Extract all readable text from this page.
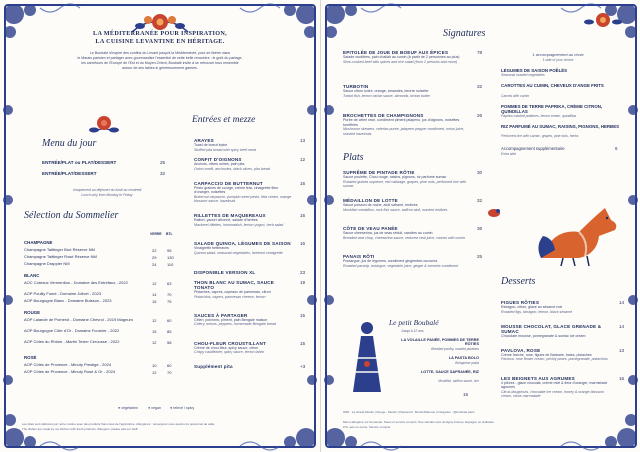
LA MÉDITERRANÉE POUR INSPIRATION,
LA CUISINE LEVANTINE EN HÉRITAGE.
Le Boubalé s'inspire des confins du Levant jusqu'à la Méditerranée, pour se libérer dans
le Marais parisien et partager avec gourmandise l'essentiel de cette belle rencontre : le goût du partage,
les carrefours de l'Europe de l'Est et du Moyen-Orient, Boubalé invite à se retrouver tous ensemble
autour de ses tables si généreusement garnies.
Menu du jour
ENTRÉE/PLAT ou PLAT/DESSERT	25
ENTRÉE/PLAT/DESSERT	32
Uniquement au déjeuner du lundi au vendredi
Lunch only from Monday to Friday
Sélection du Sommelier
VERRE BTL
CHAMPAGNE
Champagne Taittinger Brut Réserve NM	22	95
Champagne Taittinger Rosé Réserve NM	29	130
Champagne Drappier NM	24	110
BLANC
AOC Coteaux Vermentino - Domaine des Entrefaux - 2022	12	63
AOP Pouilly Fumé - Domaine Jolivet - 2023	14	70
AOP Bourgogne Blanc - Domaine Buisson - 2023	15	75
ROUGE
AOP Lalande de Pomerol - Domaine Chevrol - 2019 Magnum	12	60
AOP Bourgogne Côte d'Or - Domaine Fournier - 2022	15	85
AOP Côtes du Rhône - Martin Texier Cerousse - 2022	12	58
ROSÉ
AOP Côtes de Provence - Minuty Prestige - 2024	10	60
AOP Côtes de Provence - Minuty Rosé & Or - 2024	12	70
Entrées et mezze
ARAYES
Toast de boeuf épicé
Stuffed pita bread with spicy beef meat
13
CONFIT D'OIGNONS
Anchois, olives noires, pain pita
Onion confit, anchovies, black olives, pita bread
12
CARPACCIO DE BUTTERNUT
Pesto graines de courge, crème feta, vinaigrette fleur d'oranger, noisettes
Butternut carpaccio, pumpkin seed pesto, feta cream, orange blossom sauce, hazelnuts
16
RILLETTES DE MAQUEREAUX
Raifort, yaourt citronné, salade d'herbes
Mackerel rillettes, horseradish, lemon yogurt, herb salad
16
SALADE QUINOA, LÉGUMES DE SAISON
Vinaigrette betteraves
Quinoa salad, seasonal vegetables, beetroot vinaigrette
16
DISPONIBLE VERSION XL	23
THON BLANC AU SUMAC, SAUCE TONATO
Pistaches, capres, copeaux de parmesan, citron
Pistachios, capers, parmesan cheese, lemon
19
SAUCES À PARTAGER
Céleri, poivrons, piment, pain Bengale maison
Celery, onions, peppers, homemade Bengale bread
15
CHOU-FLEUR CROUSTILLANT
Crème de chou-fleur, spicy sauce, citron
Crispy cauliflower, spicy sauce, lemon tahini
15
Supplément pita	+3
● végétarien	● végan	● relevé / spicy
Les plats sont élaborés par notre cuisine avec des produits frais issus de l'agriculture. Allergènes : renseignez-vous auprès du personnel de salle.
The dishes are made by our kitchen with fresh products. Allergens: please ask our staff.
Signatures
EPITOLÉE DE JOUE DE BOEUF AUX ÉPICES
Salade cruditées, pain challah au cumin (à partir de 2 personnes au plus)
Slow-cooked beef with spices and rice salad (from 2 persons and more)
78
TURBOTIN
Sauce citron ivoire, orange, amandes, beurre noisette
Turbot fish, lemon caviar sauce, almonds, brown butter
32
BROCHETTES DE CHAMPIGNONS
Purée de céleri rave, condiment piment jalapeno, jus d'oignons, noisettes torréfiées
Mushroom skewers, celeriac purée, jalapeno pepper condiment, onion juice, roasted hazelnuts
26
Plats
SUPRÊME DE PINTADE RÔTIE
Sauce poulette, Chou rouge, raisins, pignons, riz parfumé sumac
Roasted guinea supreme, red cabbage, grapes, pine nuts, perfumed rice with sumac
30
MÉDAILLON DE LOTTE
Sauce poisson de roche, aïoli safrané, endives
Monkfish medallion, rock fish sauce, saffron aioli, roasted endives
32
CÔTE DE VEAU PANÉE
Sauce cheeserina, jus de veau réduit, carottes au cumin
Breaded veal chop, cheeserina sauce, reduced veal juice, carrots with cumin
36
PANAIS RÔTI
Poutargue, jus de légumes, condiment gingembre-curcuma
Roasted parsnip, botargue, vegetable juice, ginger & turmeric condiment
25
Le petit Boubalé
Jusqu'à 12 ans
LA VOLAILLE PANÉE, POMMES DE TERRE RÔTIES
Breaded poultry, roasted potatoes
LA PASTA BOLO
Bolognese pasta
LOTTE, SAUCE SAFRANÉE, RIZ
Monkfish, saffron sauce, rice
15
1 accompagnement au choix
1 side of your choice
LÉGUMES DE SAISON POÊLÉS
Seasonal roasted vegetables
CAROTTES AU CUMIN, CHEVEUX D'ANGE FRITS
Carrots with cumin
POMMES DE TERRE PAPRIKA, CRÈME CITRON, QUINDILLAS
Paprika roasted potatoes, lemon cream, quindillas
RIZ PARFUMÉ AU SUMAC, RAISINS, PIGNONS, HERBES
Perfumed rice with sumac, grapes, pine nuts, herbs
Accompagnement supplémentaire
Extra side
6
Desserts
FIGUES RÔTIES
Estragon, citron, glace au sésame noir
Roasted figs, tarragon, lemon, black sesame
14
MOUSSE CHOCOLAT, GLACE GRENADE & SUMAC
Chocolate mousse, pomegranate & sumac ice cream
14
PAVLOVA, ROSE
Crème fraîche, rose, figues de Barbarie, baies, pistaches
Pavlova, rose flower cream, prickly pears, pomegranate, pistachios
13
LES BEIGNETS AUX AGRUMES
4 pièces - glace chocolat, crème miel & fleur d'oranger, marmelade agrumes
Citrus doughnuts, chocolate ice cream, honey & orange blossom cream, citrus marmalade
16
WIFI : Le Grand Moulin | Rouge - Moulin | Password : MoulinPatterne | Instagram : @boubale.paris
Menu allergène sur demande. Taxes et service compris. Nos viandes sont d'origine France, Espagne ou Hollande.
Prix nets en euros. Service compris.
